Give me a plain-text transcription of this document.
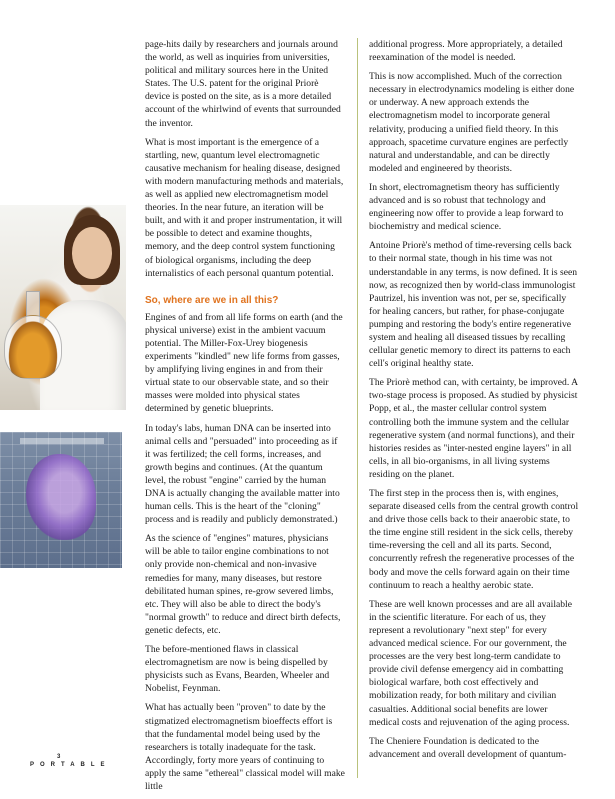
page-hits daily by researchers and journals around the world, as well as inquiries from universities, political and military sources here in the United States. The U.S. patent for the original Priorè device is posted on the site, as is a more detailed account of the whirlwind of events that surrounded the inventor.

What is most important is the emergence of a startling, new, quantum level electromagnetic causative mechanism for healing disease, designed with modern manufacturing methods and materials, as well as applied new electromagnetism model theories. In the near future, an iteration will be built, and with it and proper instrumentation, it will be possible to detect and examine thoughts, memory, and the deep control system functioning of biological organisms, including the deep internalistics of each personal quantum potential.

So, where are we in all this?

Engines of and from all life forms on earth (and the physical universe) exist in the ambient vacuum potential. The Miller-Fox-Urey biogenesis experiments "kindled" new life forms from gasses, by amplifying living engines in and from their virtual state to our observable state, and so their masses were molded into physical states determined by genetic blueprints.

In today's labs, human DNA can be inserted into animal cells and "persuaded" into proceeding as if it was fertilized; the cell forms, increases, and growth begins and continues. (At the quantum level, the robust "engine" carried by the human DNA is actually changing the available matter into human cells. This is the heart of the "cloning" process and is readily and publicly demonstrated.)

As the science of "engines" matures, physicians will be able to tailor engine combinations to not only provide non-chemical and non-invasive remedies for many, many diseases, but restore debilitated human spines, re-grow severed limbs, etc. They will also be able to direct the body's "normal growth" to reduce and direct birth defects, genetic defects, etc.

The before-mentioned flaws in classical electromagnetism are now is being dispelled by physicists such as Evans, Bearden, Wheeler and Nobelist, Feynman.

What has actually been "proven" to date by the stigmatized electromagnetism bioeffects effort is that the fundamental model being used by the researchers is totally inadequate for the task. Accordingly, forty more years of continuing to apply the same "ethereal" classical model will make little

additional progress. More appropriately, a detailed reexamination of the model is needed.

This is now accomplished. Much of the correction necessary in electrodynamics modeling is either done or underway. A new approach extends the electromagnetism model to incorporate general relativity, producing a unified field theory. In this approach, spacetime curvature engines are perfectly natural and understandable, and can be directly modeled and engineered by theorists.

In short, electromagnetism theory has sufficiently advanced and is so robust that technology and engineering now offer to provide a leap forward to biochemistry and medical science.

Antoine Priorè's method of time-reversing cells back to their normal state, though in his time was not understandable in any terms, is now defined. It is seen now, as recognized then by world-class immunologist Pautrizel, his invention was not, per se, specifically for healing cancers, but rather, for phase-conjugate pumping and restoring the body's entire regenerative system and healing all diseased tissues by recalling cellular genetic memory to direct its patterns to each cell's original healthy state.

The Priorè method can, with certainty, be improved. A two-stage process is proposed. As studied by physicist Popp, et al., the master cellular control system controlling both the immune system and the cellular regenerative system (and normal functions), and their histories resides as "inter-nested engine layers" in all cells, in all bio-organisms, in all living systems residing on the planet.

The first step in the process then is, with engines, separate diseased cells from the central growth control and drive those cells back to their anaerobic state, to the time engine still resident in the sick cells, thereby time-reversing the cell and all its parts. Second, concurrently refresh the regenerative processes of the body and move the cells forward again on their time continuum to reach a healthy aerobic state.

These are well known processes and are all available in the scientific literature. For each of us, they represent a revolutionary "next step" for every advanced medical science. For our government, the processes are the very best long-term candidate to provide civil defense emergency aid in combatting biological warfare, both cost effectively and mobilization ready, for both military and civilian casualties. Additional social benefits are lower medical costs and rejuvenation of the aging process.

The Cheniere Foundation is dedicated to the advancement and overall development of quantum-

3
PORTABLE
